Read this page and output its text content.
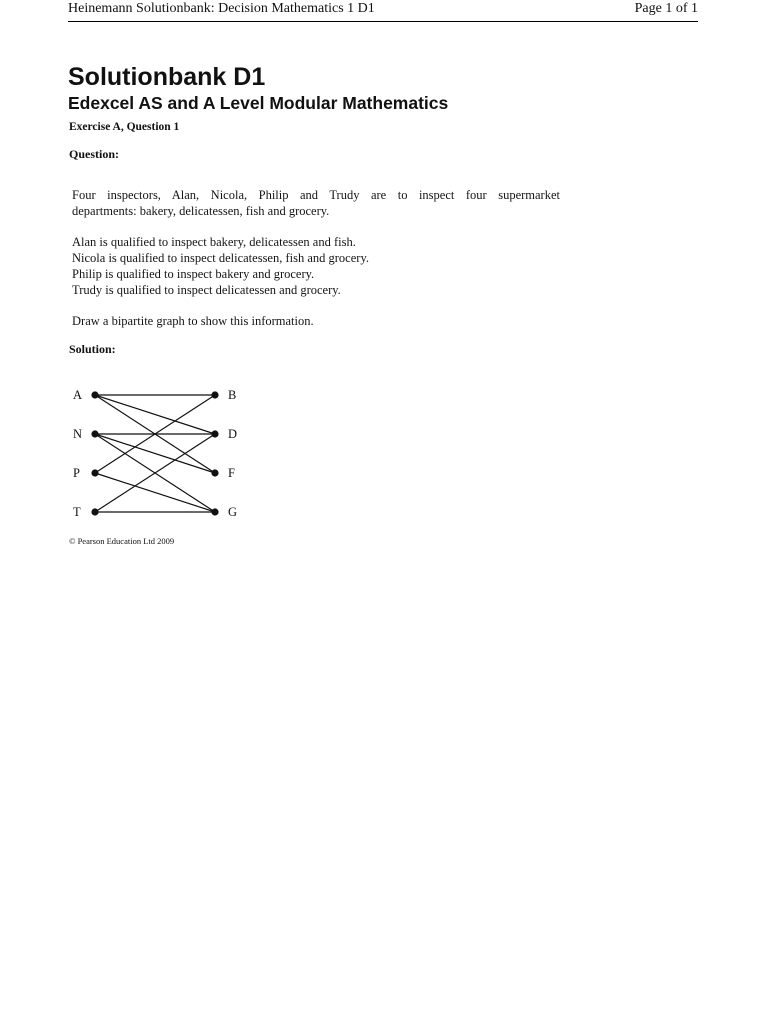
Heinemann Solutionbank: Decision Mathematics 1 D1	Page 1 of 1
Solutionbank D1
Edexcel AS and A Level Modular Mathematics
Exercise A, Question 1
Question:
Four inspectors, Alan, Nicola, Philip and Trudy are to inspect four supermarket
departments: bakery, delicatessen, fish and grocery.
Alan is qualified to inspect bakery, delicatessen and fish.
Nicola is qualified to inspect delicatessen, fish and grocery.
Philip is qualified to inspect bakery and grocery.
Trudy is qualified to inspect delicatessen and grocery.
Draw a bipartite graph to show this information.
Solution:
A
N
P
T
B
D
F
G
© Pearson Education Ltd 2009
